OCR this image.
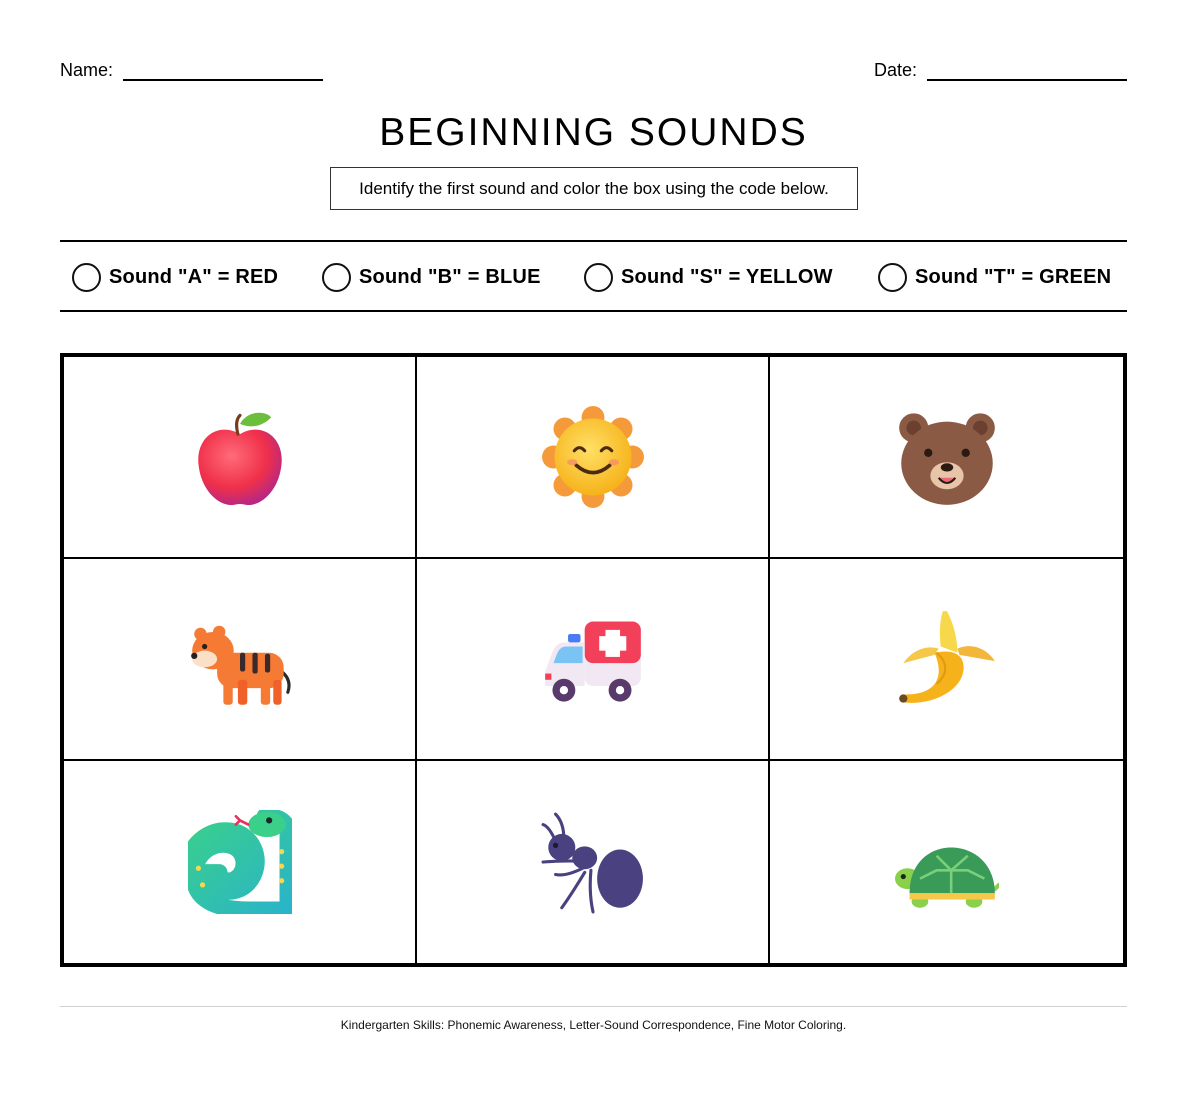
Name:	Date:
BEGINNING SOUNDS
Identify the first sound and color the box using the code below.
Sound "A" = RED	Sound "B" = BLUE	Sound "S" = YELLOW	Sound "T" = GREEN
Kindergarten Skills: Phonemic Awareness, Letter-Sound Correspondence, Fine Motor Coloring.
